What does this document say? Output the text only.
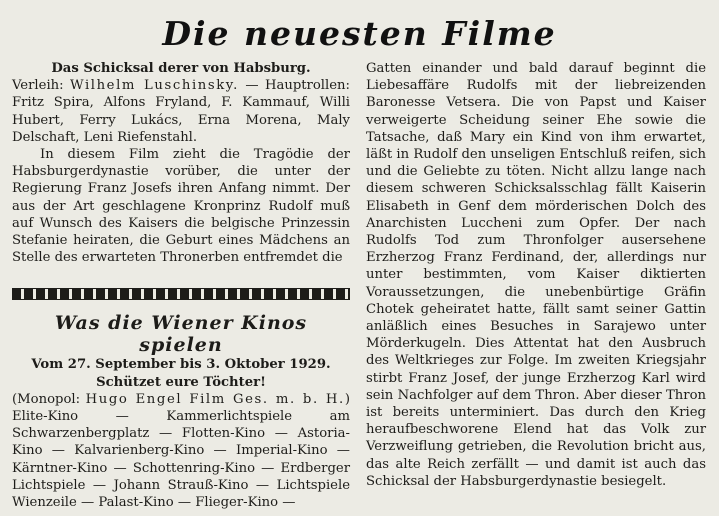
Die neuesten Filme

Das Schicksal derer von Habsburg.

Verleih: Wilhelm Luschinsky. — Hauptrollen: Fritz Spira, Alfons Fryland, F. Kammauf, Willi Hubert, Ferry Lukács, Erna Morena, Maly Delschaft, Leni Riefenstahl.

In diesem Film zieht die Tragödie der Habsburgerdynastie vorüber, die unter der Regierung Franz Josefs ihren Anfang nimmt. Der aus der Art geschlagene Kronprinz Rudolf muß auf Wunsch des Kaisers die belgische Prinzessin Stefanie heiraten, die Geburt eines Mädchens an Stelle des erwarteten Thronerben entfremdet die

Was die Wiener Kinos spielen

Vom 27. September bis 3. Oktober 1929.

Schützet eure Töchter!

(Monopol: Hugo Engel Film Ges. m. b. H.) Elite-Kino — Kammerlichtspiele am Schwarzenbergplatz — Flotten-Kino — Astoria-Kino — Kalvarienberg-Kino — Imperial-Kino — Kärntner-Kino — Schottenring-Kino — Erdberger Lichtspiele — Johann Strauß-Kino — Lichtspiele Wienzeile — Palast-Kino — Flieger-Kino —

Gatten einander und bald darauf beginnt die Liebesaffäre Rudolfs mit der liebreizenden Baronesse Vetsera. Die von Papst und Kaiser verweigerte Scheidung seiner Ehe sowie die Tatsache, daß Mary ein Kind von ihm erwartet, läßt in Rudolf den unseligen Entschluß reifen, sich und die Geliebte zu töten. Nicht allzu lange nach diesem schweren Schicksalsschlag fällt Kaiserin Elisabeth in Genf dem mörderischen Dolch des Anarchisten Luccheni zum Opfer. Der nach Rudolfs Tod zum Thronfolger ausersehene Erzherzog Franz Ferdinand, der, allerdings nur unter bestimmten, vom Kaiser diktierten Voraussetzungen, die unebenbürtige Gräfin Chotek geheiratet hatte, fällt samt seiner Gattin anläßlich eines Besuches in Sarajewo unter Mörderkugeln. Dies Attentat hat den Ausbruch des Weltkrieges zur Folge. Im zweiten Kriegsjahr stirbt Franz Josef, der junge Erzherzog Karl wird sein Nachfolger auf dem Thron. Aber dieser Thron ist bereits unterminiert. Das durch den Krieg heraufbeschworene Elend hat das Volk zur Verzweiflung getrieben, die Revolution bricht aus, das alte Reich zerfällt — und damit ist auch das Schicksal der Habsburgerdynastie besiegelt.
